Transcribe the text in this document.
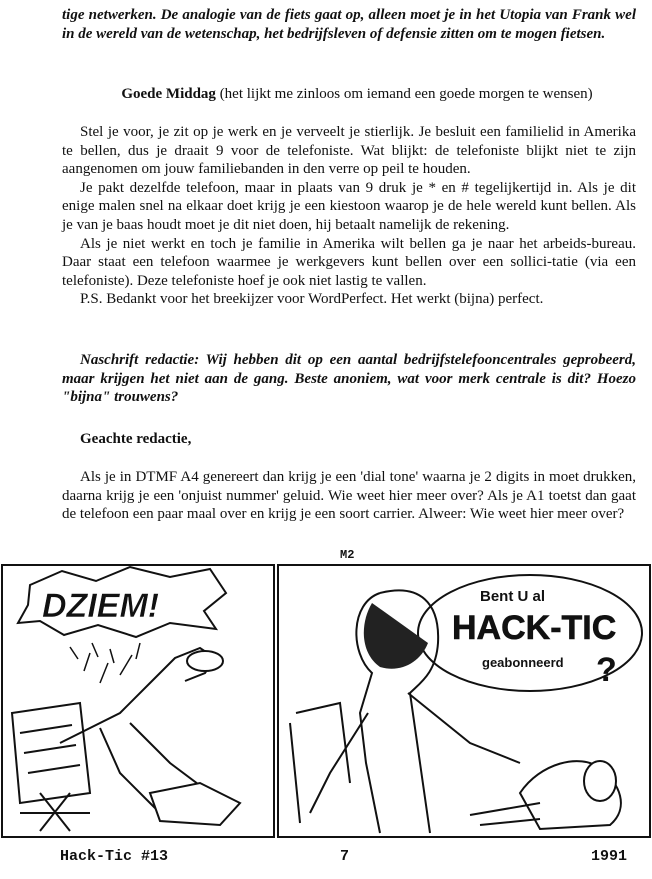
tige netwerken. De analogie van de fiets gaat op, alleen moet je in het Utopia van Frank wel in de wereld van de wetenschap, het bedrijfsleven of defensie zitten om te mogen fietsen.

Goede Middag (het lijkt me zinloos om iemand een goede morgen te wensen)

Stel je voor, je zit op je werk en je verveelt je stierlijk. Je besluit een familielid in Amerika te bellen, dus je draait 9 voor de telefoniste. Wat blijkt: de telefoniste blijkt niet te zijn aangenomen om jouw familiebanden in den verre op peil te houden.

Je pakt dezelfde telefoon, maar in plaats van 9 druk je * en # tegelijkertijd in. Als je dit enige malen snel na elkaar doet krijg je een kiestoon waarop je de hele wereld kunt bellen. Als je van je baas houdt moet je dit niet doen, hij betaalt namelijk de rekening.

Als je niet werkt en toch je familie in Amerika wilt bellen ga je naar het arbeids-bureau. Daar staat een telefoon waarmee je werkgevers kunt bellen over een sollici-tatie (via een telefoniste). Deze telefoniste hoef je ook niet lastig te vallen.

P.S. Bedankt voor het breekijzer voor WordPerfect. Het werkt (bijna) perfect.

Naschrift redactie: Wij hebben dit op een aantal bedrijfstelefooncentrales geprobeerd, maar krijgen het niet aan de gang. Beste anoniem, wat voor merk centrale is dit? Hoezo "bijna" trouwens?

Geachte redactie,

Als je in DTMF A4 genereert dan krijg je een 'dial tone' waarna je 2 digits in moet drukken, daarna krijg je een 'onjuist nummer' geluid. Wie weet hier meer over? Als je A1 toetst dan gaat de telefoon een paar maal over en krijg je een soort carrier. Alweer: Wie weet hier meer over?

M2
DZIEM!	Bent U al
HACK-TIC
geabonneerd ?
Hack-Tic #13	7	1991
